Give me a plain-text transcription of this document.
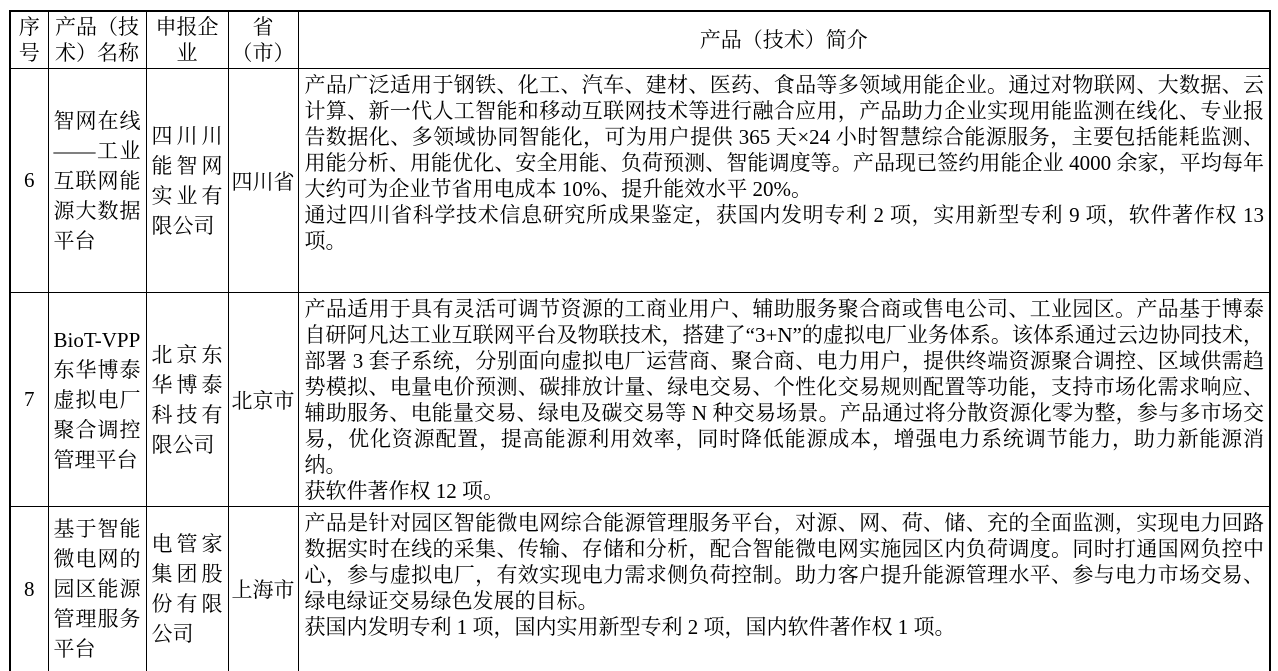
序号	产品（技术）名称	申报企业	省（市）	产品（技术）简介
6	智网在线——工业互联网能源大数据平台	四川川能智网实业有限公司	四川省	产品广泛适用于钢铁、化工、汽车、建材、医药、食品等多领域用能企业。通过对物联网、大数据、云计算、新一代人工智能和移动互联网技术等进行融合应用，产品助力企业实现用能监测在线化、专业报告数据化、多领域协同智能化，可为用户提供 365 天×24 小时智慧综合能源服务，主要包括能耗监测、用能分析、用能优化、安全用能、负荷预测、智能调度等。产品现已签约用能企业 4000 余家，平均每年大约可为企业节省用电成本 10%、提升能效水平 20%。
通过四川省科学技术信息研究所成果鉴定，获国内发明专利 2 项，实用新型专利 9 项，软件著作权 13 项。

7	BioT-VPP东华博泰虚拟电厂聚合调控管理平台	北京东华博泰科技有限公司	北京市	产品适用于具有灵活可调节资源的工商业用户、辅助服务聚合商或售电公司、工业园区。产品基于博泰自研阿凡达工业互联网平台及物联技术，搭建了“3+N”的虚拟电厂业务体系。该体系通过云边协同技术，部署 3 套子系统，分别面向虚拟电厂运营商、聚合商、电力用户，提供终端资源聚合调控、区域供需趋势模拟、电量电价预测、碳排放计量、绿电交易、个性化交易规则配置等功能，支持市场化需求响应、辅助服务、电能量交易、绿电及碳交易等 N 种交易场景。产品通过将分散资源化零为整，参与多市场交易，优化资源配置，提高能源利用效率，同时降低能源成本，增强电力系统调节能力，助力新能源消纳。
获软件著作权 12 项。

8	基于智能微电网的园区能源管理服务平台	电管家集团股份有限公司	上海市	产品是针对园区智能微电网综合能源管理服务平台，对源、网、荷、储、充的全面监测，实现电力回路数据实时在线的采集、传输、存储和分析，配合智能微电网实施园区内负荷调度。同时打通国网负控中心，参与虚拟电厂，有效实现电力需求侧负荷控制。助力客户提升能源管理水平、参与电力市场交易、绿电绿证交易绿色发展的目标。
获国内发明专利 1 项，国内实用新型专利 2 项，国内软件著作权 1 项。
